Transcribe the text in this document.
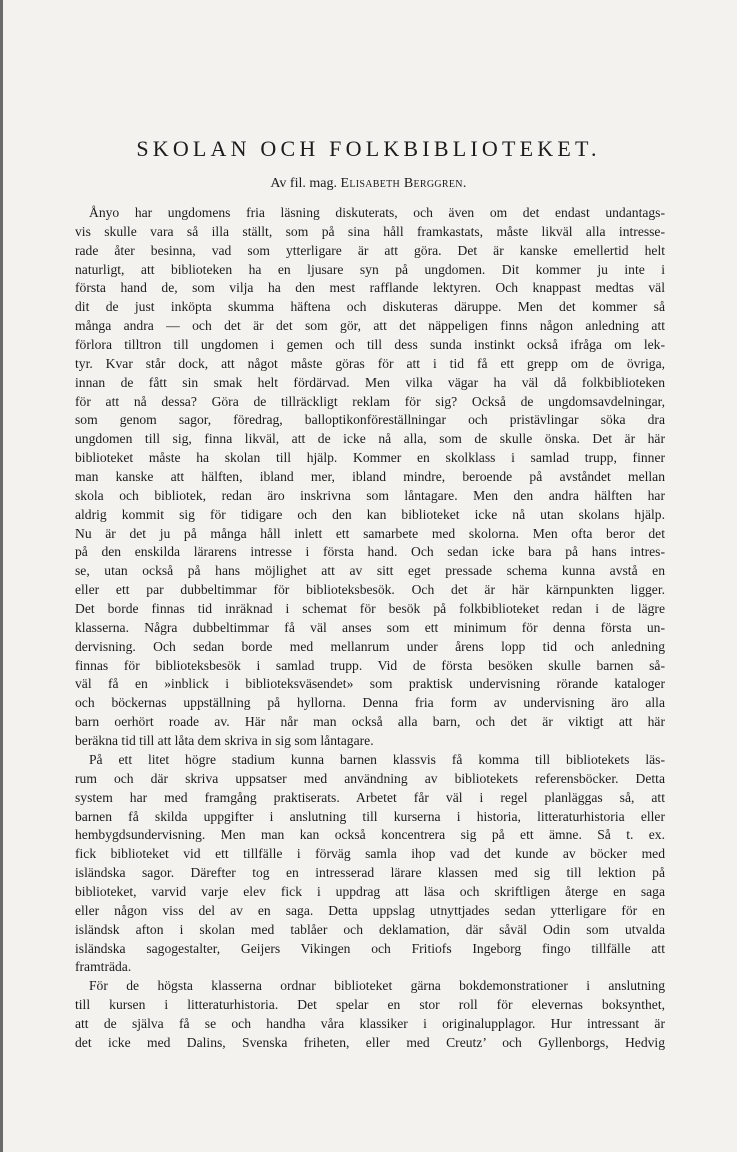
SKOLAN OCH FOLKBIBLIOTEKET.

Av fil. mag. Elisabeth Berggren.

Ånyo har ungdomens fria läsning diskuterats, och även om det endast undantags-
vis skulle vara så illa ställt, som på sina håll framkastats, måste likväl alla intresse-
rade åter besinna, vad som ytterligare är att göra. Det är kanske emellertid helt
naturligt, att biblioteken ha en ljusare syn på ungdomen. Dit kommer ju inte i
första hand de, som vilja ha den mest rafflande lektyren. Och knappast medtas väl
dit de just inköpta skumma häftena och diskuteras däruppe. Men det kommer så
många andra — och det är det som gör, att det näppeligen finns någon anledning att
förlora tilltron till ungdomen i gemen och till dess sunda instinkt också ifråga om lek-
tyr. Kvar står dock, att något måste göras för att i tid få ett grepp om de övriga,
innan de fått sin smak helt fördärvad. Men vilka vägar ha väl då folkbiblioteken
för att nå dessa? Göra de tillräckligt reklam för sig? Också de ungdomsavdelningar,
som genom sagor, föredrag, balloptikonföreställningar och pristävlingar söka dra
ungdomen till sig, finna likväl, att de icke nå alla, som de skulle önska. Det är här
biblioteket måste ha skolan till hjälp. Kommer en skolklass i samlad trupp, finner
man kanske att hälften, ibland mer, ibland mindre, beroende på avståndet mellan
skola och bibliotek, redan äro inskrivna som låntagare. Men den andra hälften har
aldrig kommit sig för tidigare och den kan biblioteket icke nå utan skolans hjälp.
Nu är det ju på många håll inlett ett samarbete med skolorna. Men ofta beror det
på den enskilda lärarens intresse i första hand. Och sedan icke bara på hans intres-
se, utan också på hans möjlighet att av sitt eget pressade schema kunna avstå en
eller ett par dubbeltimmar för biblioteksbesök. Och det är här kärnpunkten ligger.
Det borde finnas tid inräknad i schemat för besök på folkbiblioteket redan i de lägre
klasserna. Några dubbeltimmar få väl anses som ett minimum för denna första un-
dervisning. Och sedan borde med mellanrum under årens lopp tid och anledning
finnas för biblioteksbesök i samlad trupp. Vid de första besöken skulle barnen så-
väl få en »inblick i biblioteksväsendet» som praktisk undervisning rörande kataloger
och böckernas uppställning på hyllorna. Denna fria form av undervisning äro alla
barn oerhört roade av. Här når man också alla barn, och det är viktigt att här
beräkna tid till att låta dem skriva in sig som låntagare.
På ett litet högre stadium kunna barnen klassvis få komma till bibliotekets läs-
rum och där skriva uppsatser med användning av bibliotekets referensböcker. Detta
system har med framgång praktiserats. Arbetet får väl i regel planläggas så, att
barnen få skilda uppgifter i anslutning till kurserna i historia, litteraturhistoria eller
hembygdsundervisning. Men man kan också koncentrera sig på ett ämne. Så t. ex.
fick biblioteket vid ett tillfälle i förväg samla ihop vad det kunde av böcker med
isländska sagor. Därefter tog en intresserad lärare klassen med sig till lektion på
biblioteket, varvid varje elev fick i uppdrag att läsa och skriftligen återge en saga
eller någon viss del av en saga. Detta uppslag utnyttjades sedan ytterligare för en
isländsk afton i skolan med tablåer och deklamation, där såväl Odin som utvalda
isländska sagogestalter, Geijers Vikingen och Fritiofs Ingeborg fingo tillfälle att
framträda.
För de högsta klasserna ordnar biblioteket gärna bokdemonstrationer i anslutning
till kursen i litteraturhistoria. Det spelar en stor roll för elevernas boksynthet,
att de själva få se och handha våra klassiker i originalupplagor. Hur intressant är
det icke med Dalins, Svenska friheten, eller med Creutz’ och Gyllenborgs, Hedvig
